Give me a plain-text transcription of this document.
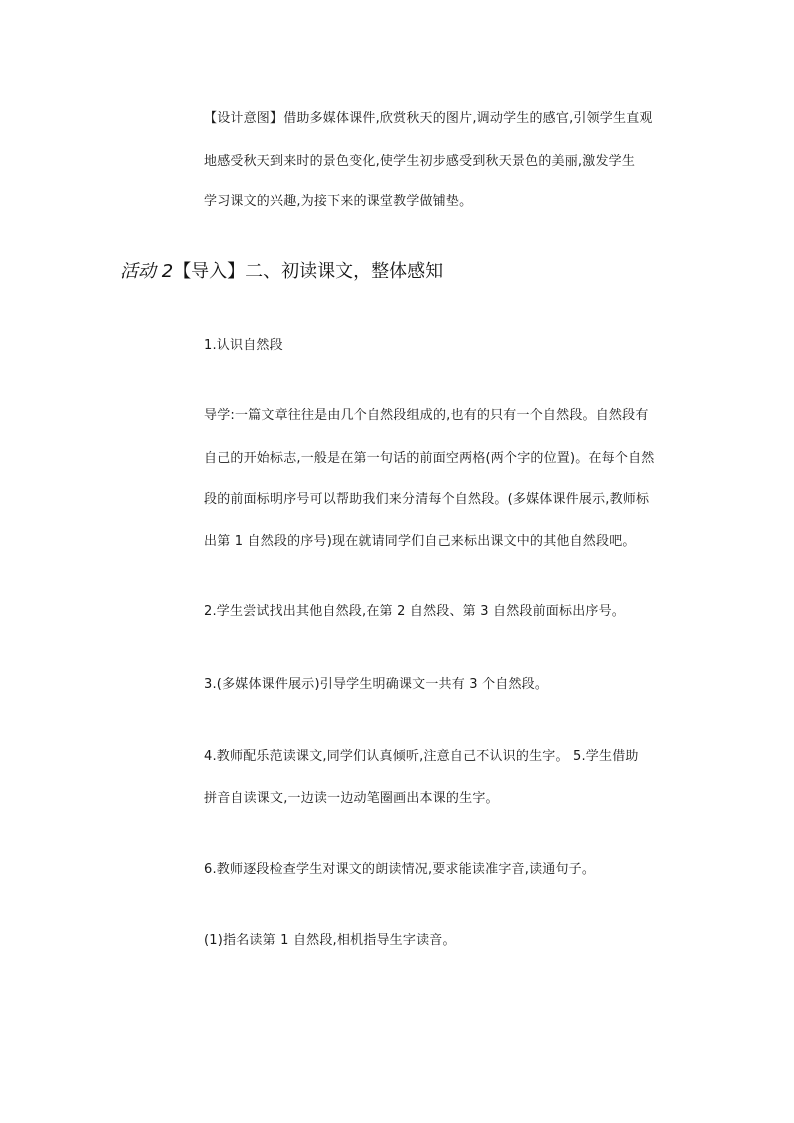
【设计意图】借助多媒体课件,欣赏秋天的图片,调动学生的感官,引领学生直观
地感受秋天到来时的景色变化,使学生初步感受到秋天景色的美丽,激发学生
学习课文的兴趣,为接下来的课堂教学做铺垫。
活动 2【导入】二、初读课文，整体感知
1.认识自然段
导学:一篇文章往往是由几个自然段组成的,也有的只有一个自然段。自然段有
自己的开始标志,一般是在第一句话的前面空两格(两个字的位置)。在每个自然
段的前面标明序号可以帮助我们来分清每个自然段。(多媒体课件展示,教师标
出第 1 自然段的序号)现在就请同学们自己来标出课文中的其他自然段吧。
2.学生尝试找出其他自然段,在第 2 自然段、第 3 自然段前面标出序号。
3.(多媒体课件展示)引导学生明确课文一共有 3 个自然段。
4.教师配乐范读课文,同学们认真倾听,注意自己不认识的生字。 5.学生借助
拼音自读课文,一边读一边动笔圈画出本课的生字。
6.教师逐段检查学生对课文的朗读情况,要求能读准字音,读通句子。
(1)指名读第 1 自然段,相机指导生字读音。
